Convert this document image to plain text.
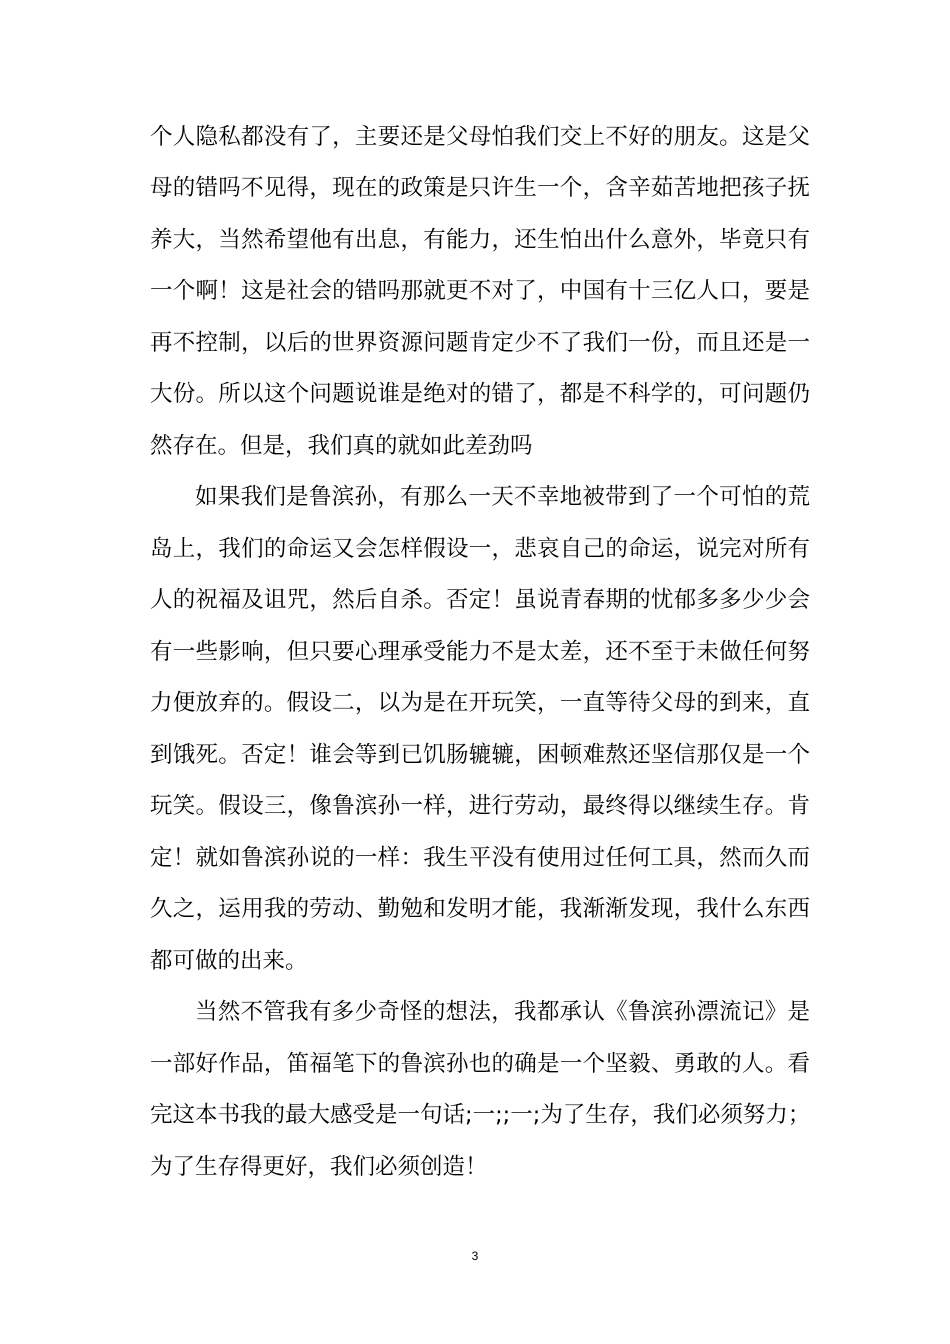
个人隐私都没有了，主要还是父母怕我们交上不好的朋友。这是父
母的错吗不见得，现在的政策是只许生一个，含辛茹苦地把孩子抚
养大，当然希望他有出息，有能力，还生怕出什么意外，毕竟只有
一个啊！这是社会的错吗那就更不对了，中国有十三亿人口，要是
再不控制，以后的世界资源问题肯定少不了我们一份，而且还是一
大份。所以这个问题说谁是绝对的错了，都是不科学的，可问题仍
然存在。但是，我们真的就如此差劲吗
如果我们是鲁滨孙，有那么一天不幸地被带到了一个可怕的荒
岛上，我们的命运又会怎样假设一，悲哀自己的命运，说完对所有
人的祝福及诅咒，然后自杀。否定！虽说青春期的忧郁多多少少会
有一些影响，但只要心理承受能力不是太差，还不至于未做任何努
力便放弃的。假设二，以为是在开玩笑，一直等待父母的到来，直
到饿死。否定！谁会等到已饥肠辘辘，困顿难熬还坚信那仅是一个
玩笑。假设三，像鲁滨孙一样，进行劳动，最终得以继续生存。肯
定！就如鲁滨孙说的一样：我生平没有使用过任何工具，然而久而
久之，运用我的劳动、勤勉和发明才能，我渐渐发现，我什么东西
都可做的出来。
当然不管我有多少奇怪的想法，我都承认《鲁滨孙漂流记》是
一部好作品，笛福笔下的鲁滨孙也的确是一个坚毅、勇敢的人。看
完这本书我的最大感受是一句话;一;;一;为了生存，我们必须努力；
为了生存得更好，我们必须创造！
3
